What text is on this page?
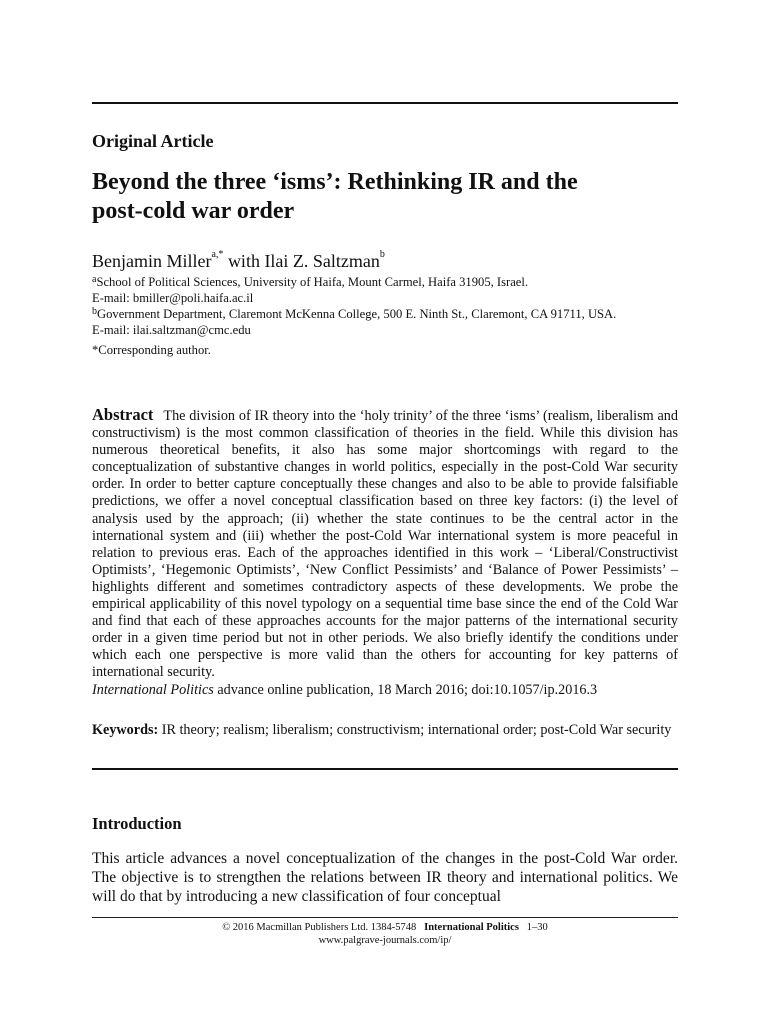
Original Article
Beyond the three ‘isms’: Rethinking IR and the
post-cold war order
Benjamin Miller$^{a,*}$ with Ilai Z. Saltzman$^b$
$^a$School of Political Sciences, University of Haifa, Mount Carmel, Haifa 31905, Israel.
E-mail: bmiller@poli.haifa.ac.il
$^b$Government Department, Claremont McKenna College, 500 E. Ninth St., Claremont, CA 91711, USA.
E-mail: ilai.saltzman@cmc.edu
*Corresponding author.
Abstract The division of IR theory into the ‘holy trinity’ of the three ‘isms’ (realism, liberalism and constructivism) is the most common classification of theories in the field. While this division has numerous theoretical benefits, it also has some major shortcomings with regard to the conceptualization of substantive changes in world politics, especially in the post-Cold War security order. In order to better capture conceptually these changes and also to be able to provide falsifiable predictions, we offer a novel conceptual classification based on three key factors: (i) the level of analysis used by the approach; (ii) whether the state continues to be the central actor in the international system and (iii) whether the post-Cold War international system is more peaceful in relation to previous eras. Each of the approaches identified in this work – ‘Liberal/Constructivist Optimists’, ‘Hegemonic Optimists’, ‘New Conflict Pessimists’ and ‘Balance of Power Pessimists’ – highlights different and sometimes contradictory aspects of these developments. We probe the empirical applicability of this novel typology on a sequential time base since the end of the Cold War and find that each of these approaches accounts for the major patterns of the international security order in a given time period but not in other periods. We also briefly identify the conditions under which each one perspective is more valid than the others for accounting for key patterns of international security.
International Politics advance online publication, 18 March 2016; doi:10.1057/ip.2016.3
Keywords: IR theory; realism; liberalism; constructivism; international order; post-Cold War security
Introduction
This article advances a novel conceptualization of the changes in the post-Cold War order. The objective is to strengthen the relations between IR theory and international politics. We will do that by introducing a new classification of four conceptual
© 2016 Macmillan Publishers Ltd. 1384-5748 International Politics 1–30
www.palgrave-journals.com/ip/
